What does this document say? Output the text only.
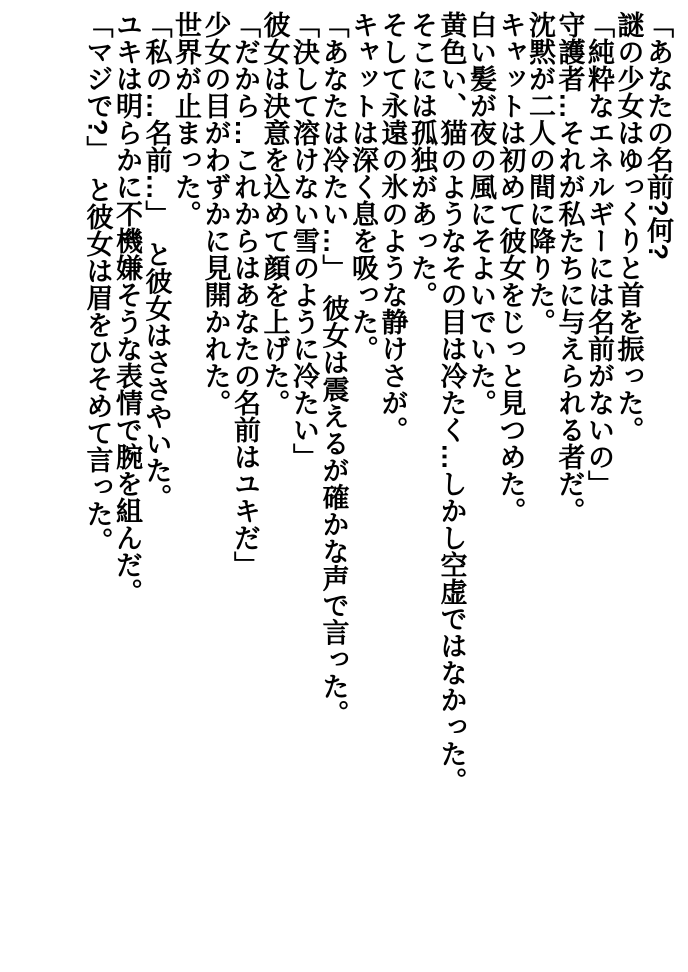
「あなたの名前?何?

謎の少女はゆっくりと首を振った。

「純粋なエネルギーには名前がないの」

守護者…それが私たちに与えられる者だ。

沈黙が二人の間に降りた。

キャットは初めて彼女をじっと見つめた。

白い髪が夜の風にそよいでいた。

黄色い、猫のようなその目は冷たく…しかし空虚ではなかった。

そこには孤独があった。

そして永遠の氷のような静けさが。

キャットは深く息を吸った。

「あなたは冷たい…」　彼女は震えるが確かな声で言った。

「決して溶けない雪のように冷たい」

彼女は決意を込めて顔を上げた。

「だから…これからはあなたの名前はユキだ」

少女の目がわずかに見開かれた。

世界が止まった。

「私の…名前…」　と彼女はささやいた。

ユキは明らかに不機嫌そうな表情で腕を組んだ。

「マジで?」　と彼女は眉をひそめて言った。
